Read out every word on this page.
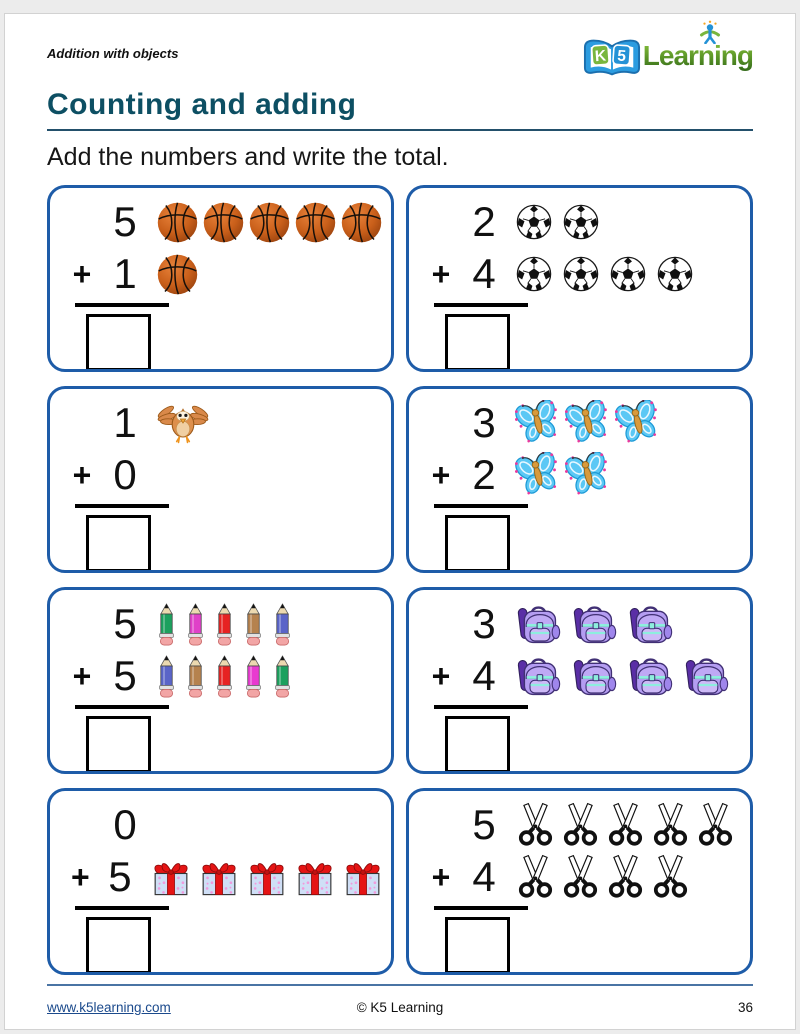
Addition with objects	K 5 Learning
Counting and adding
Add the numbers and write the total.
5
+ 1
2
+ 4
1
+ 0
3
+ 2
5
+ 5
3
+ 4
0
+ 5
5
+ 4
www.k5learning.com	© K5 Learning	36
